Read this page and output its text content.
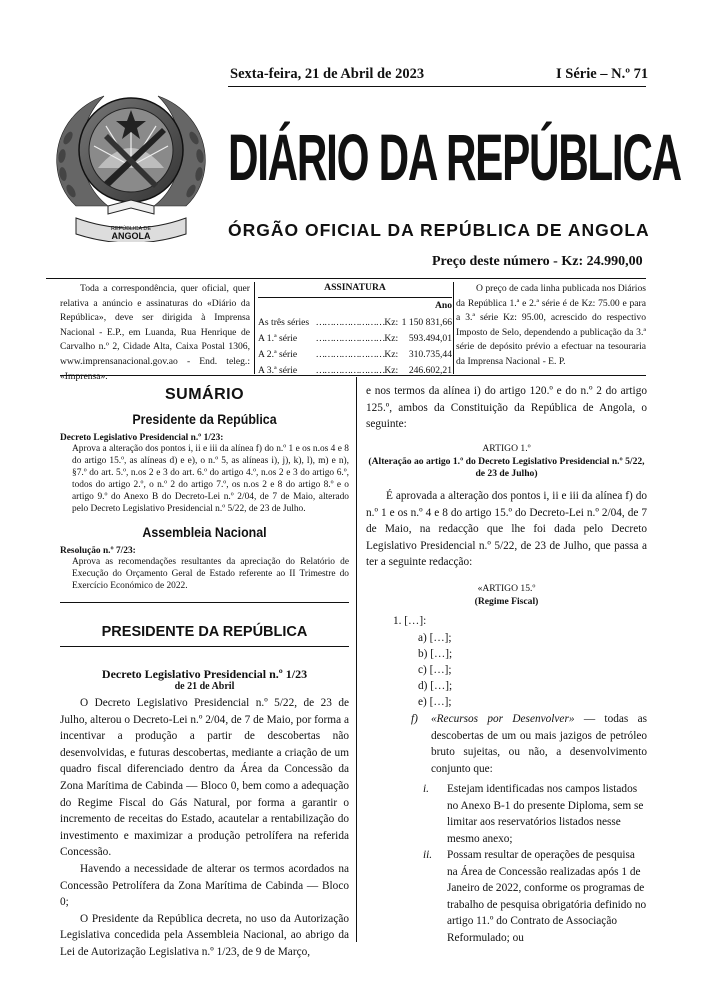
REPÚBLICA DE
ANGOLA
Sexta-feira, 21 de Abril de 2023	I Série – N.º 71
DIÁRIO DA REPÚBLICA
ÓRGÃO OFICIAL DA REPÚBLICA DE ANGOLA
Preço deste número - Kz: 24.990,00
Toda a correspondência, quer oficial, quer relativa a anúncio e assinaturas do «Diário da República», deve ser dirigida à Imprensa Nacional - E.P., em Luanda, Rua Henrique de Carvalho n.º 2, Cidade Alta, Caixa Postal 1306, www.imprensanacional.gov.ao - End. teleg.: «Imprensa».
ASSINATURA
Ano
As três séries	……………………	Kz:	1 150 831,66
A 1.ª série	……………………	Kz:	593.494,01
A 2.ª série	……………………	Kz:	310.735,44
A 3.ª série	……………………	Kz:	246.602,21
O preço de cada linha publicada nos Diários da República 1.ª e 2.ª série é de Kz: 75.00 e para a 3.ª série Kz: 95.00, acrescido do respectivo Imposto de Selo, dependendo a publicação da 3.ª série de depósito prévio a efectuar na tesouraria da Imprensa Nacional - E. P.
SUMÁRIO
Presidente da República
Decreto Legislativo Presidencial n.º 1/23:
Aprova a alteração dos pontos i, ii e iii da alínea f) do n.º 1 e os n.os 4 e 8 do artigo 15.º, as alíneas d) e e), o n.º 5, as alíneas i), j), k), l), m) e n), §7.º do art. 5.º, n.os 2 e 3 do art. 6.º do artigo 4.º, n.os 2 e 3 do artigo 6.º, todos do artigo 2.º, o n.º 2 do artigo 7.º, os n.os 2 e 8 do artigo 8.º e o artigo 9.º do Anexo B do Decreto-Lei n.º 2/04, de 7 de Maio, alterado pelo Decreto Legislativo Presidencial n.º 5/22, de 23 de Julho.
Assembleia Nacional
Resolução n.º 7/23:
Aprova as recomendações resultantes da apreciação do Relatório de Execução do Orçamento Geral de Estado referente ao II Trimestre do Exercício Económico de 2022.
PRESIDENTE DA REPÚBLICA
Decreto Legislativo Presidencial n.º 1/23
de 21 de Abril

O Decreto Legislativo Presidencial n.º 5/22, de 23 de Julho, alterou o Decreto-Lei n.º 2/04, de 7 de Maio, por forma a incentivar a produção a partir de descobertas não desenvolvidas, e futuras descobertas, mediante a criação de um quadro fiscal diferenciado dentro da Área da Concessão da Zona Marítima de Cabinda — Bloco 0, bem como a adequação do Regime Fiscal do Gás Natural, por forma a garantir o incremento de receitas do Estado, acautelar a rentabilização do investimento e maximizar a produção petrolífera na referida Concessão.

Havendo a necessidade de alterar os termos acordados na Concessão Petrolífera da Zona Marítima de Cabinda — Bloco 0;

O Presidente da República decreta, no uso da Autorização Legislativa concedida pela Assembleia Nacional, ao abrigo da Lei de Autorização Legislativa n.º 1/23, de 9 de Março,

e nos termos da alínea i) do artigo 120.º e do n.º 2 do artigo 125.º, ambos da Constituição da República de Angola, o seguinte:

ARTIGO 1.º
(Alteração ao artigo 1.º do Decreto Legislativo Presidencial n.º 5/22, de 23 de Julho)

É aprovada a alteração dos pontos i, ii e iii da alínea f) do n.º 1 e os n.º 4 e 8 do artigo 15.º do Decreto-Lei n.º 2/04, de 7 de Maio, na redacção que lhe foi dada pelo Decreto Legislativo Presidencial n.º 5/22, de 23 de Julho, que passa a ter a seguinte redacção:

«ARTIGO 15.º
(Regime Fiscal)
1. […]:
a) […];
b) […];
c) […];
d) […];
e) […];
f) «Recursos por Desenvolver» — todas as descobertas de um ou mais jazigos de petróleo bruto sujeitas, ou não, a desenvolvimento conjunto que:
i. Estejam identificadas nos campos listados no Anexo B-1 do presente Diploma, sem se limitar aos reservatórios listados nesse mesmo anexo;
ii. Possam resultar de operações de pesquisa na Área de Concessão realizadas após 1 de Janeiro de 2022, conforme os programas de trabalho de pesquisa obrigatória definido no artigo 11.º do Contrato de Associação Reformulado; ou
